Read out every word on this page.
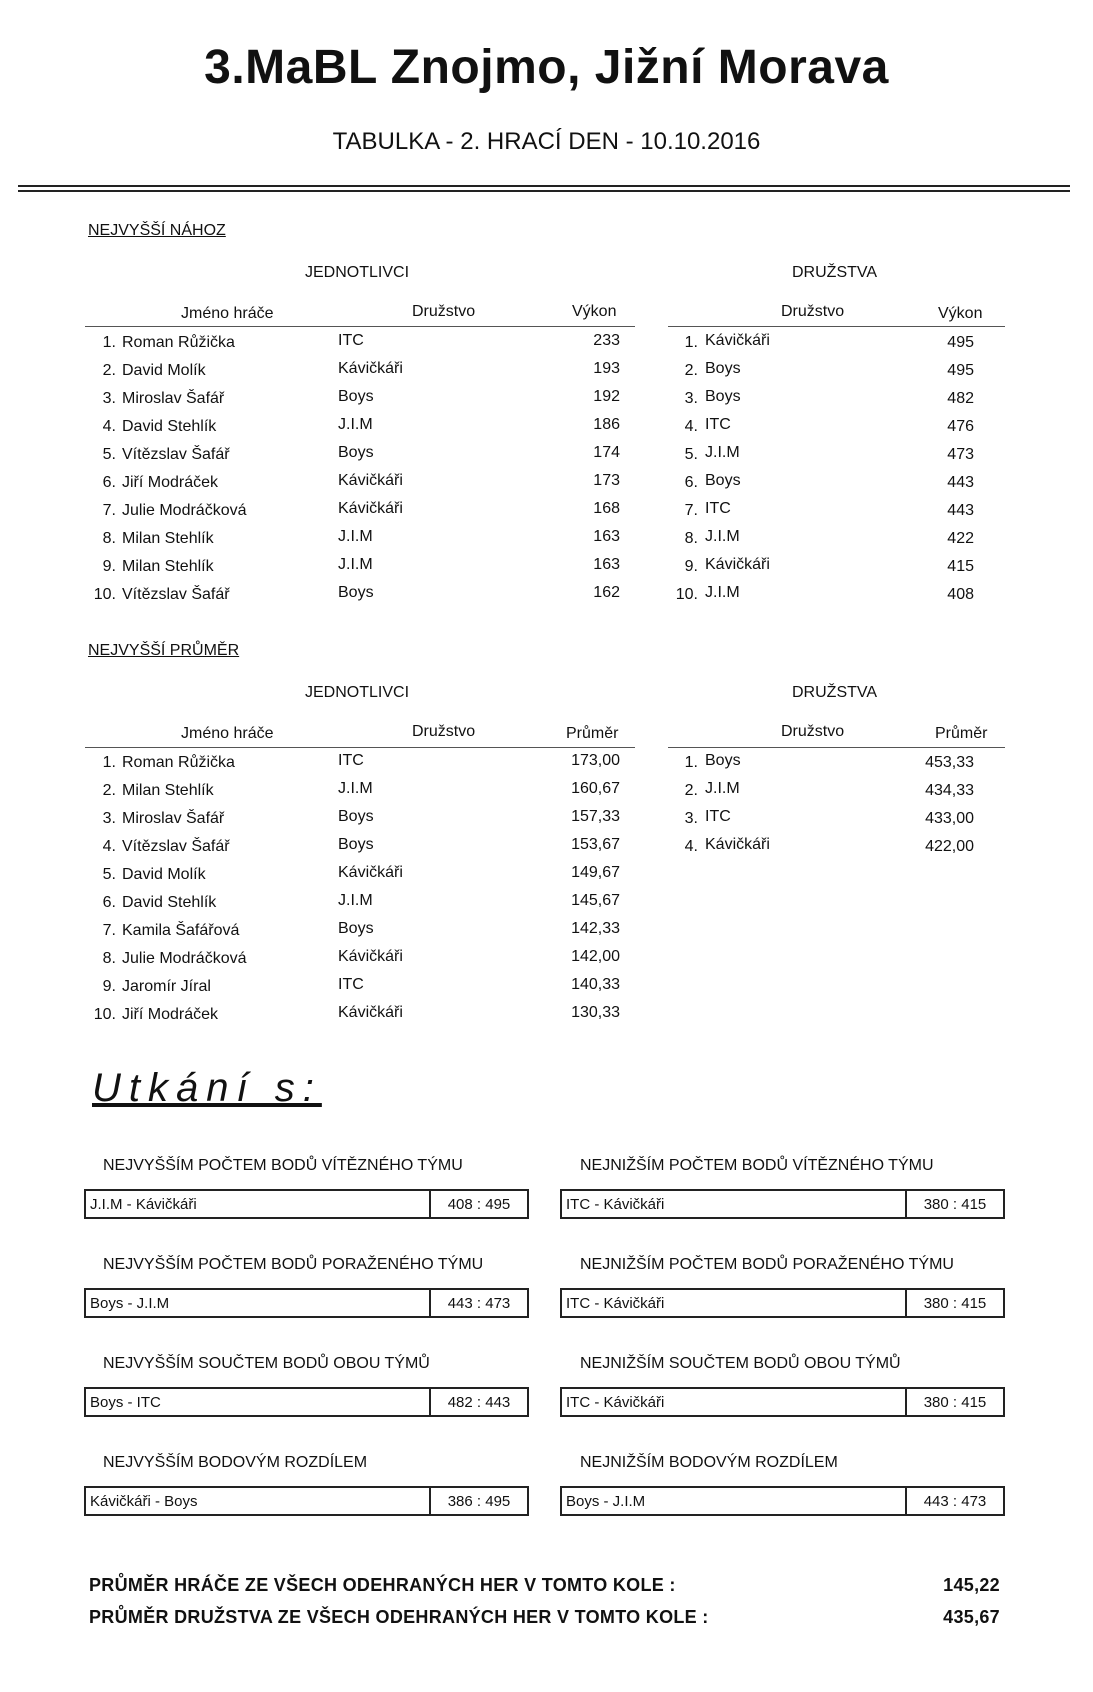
3.MaBL Znojmo, Jižní Morava
TABULKA - 2. HRACÍ DEN - 10.10.2016
NEJVYŠŠÍ NÁHOZ
JEDNOTLIVCI	DRUŽSTVA
Jméno hráče	Družstvo	Výkon	Družstvo	Výkon
1. Roman Růžička	ITC	233
2. David Molík	Kávičkáři	193
3. Miroslav Šafář	Boys	192
4. David Stehlík	J.I.M	186
5. Vítězslav Šafář	Boys	174
6. Jiří Modráček	Kávičkáři	173
7. Julie Modráčková	Kávičkáři	168
8. Milan Stehlík	J.I.M	163
9. Milan Stehlík	J.I.M	163
10. Vítězslav Šafář	Boys	162
1. Kávičkáři	495
2. Boys	495
3. Boys	482
4. ITC	476
5. J.I.M	473
6. Boys	443
7. ITC	443
8. J.I.M	422
9. Kávičkáři	415
10. J.I.M	408
NEJVYŠŠÍ PRŮMĚR
JEDNOTLIVCI	DRUŽSTVA
Jméno hráče	Družstvo	Průměr	Družstvo	Průměr
1. Roman Růžička	ITC	173,00
2. Milan Stehlík	J.I.M	160,67
3. Miroslav Šafář	Boys	157,33
4. Vítězslav Šafář	Boys	153,67
5. David Molík	Kávičkáři	149,67
6. David Stehlík	J.I.M	145,67
7. Kamila Šafářová	Boys	142,33
8. Julie Modráčková	Kávičkáři	142,00
9. Jaromír Jíral	ITC	140,33
10. Jiří Modráček	Kávičkáři	130,33
1. Boys	453,33
2. J.I.M	434,33
3. ITC	433,00
4. Kávičkáři	422,00
Utkání s:
NEJVYŠŠÍM POČTEM BODŮ VÍTĚZNÉHO TÝMU
J.I.M - Kávičkáři	408 : 495
NEJNIŽŠÍM POČTEM BODŮ VÍTĚZNÉHO TÝMU
ITC - Kávičkáři	380 : 415
NEJVYŠŠÍM POČTEM BODŮ PORAŽENÉHO TÝMU
Boys - J.I.M	443 : 473
NEJNIŽŠÍM POČTEM BODŮ PORAŽENÉHO TÝMU
ITC - Kávičkáři	380 : 415
NEJVYŠŠÍM SOUČTEM BODŮ OBOU TÝMŮ
Boys - ITC	482 : 443
NEJNIŽŠÍM SOUČTEM BODŮ OBOU TÝMŮ
ITC - Kávičkáři	380 : 415
NEJVYŠŠÍM BODOVÝM ROZDÍLEM
Kávičkáři - Boys	386 : 495
NEJNIŽŠÍM BODOVÝM ROZDÍLEM
Boys - J.I.M	443 : 473
PRŮMĚR HRÁČE ZE VŠECH ODEHRANÝCH HER V TOMTO KOLE :	145,22
PRŮMĚR DRUŽSTVA ZE VŠECH ODEHRANÝCH HER V TOMTO KOLE :	435,67
